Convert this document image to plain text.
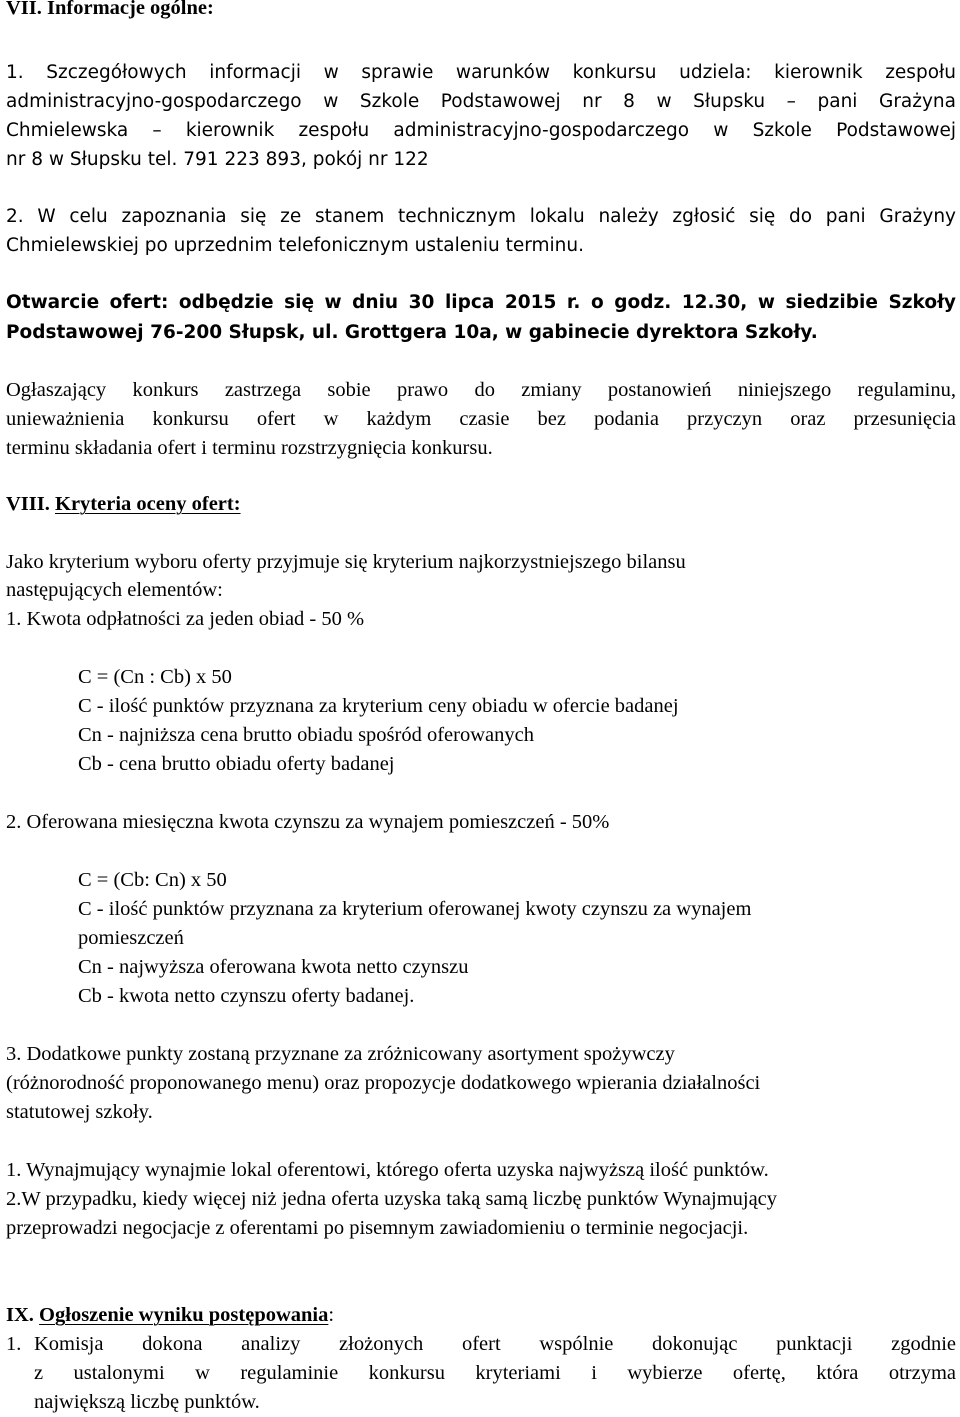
VII. Informacje ogólne:
1. Szczegółowych informacji w sprawie warunków konkursu udziela: kierownik zespołu
administracyjno-gospodarczego w Szkole Podstawowej nr 8 w Słupsku – pani Grażyna
Chmielewska – kierownik zespołu administracyjno-gospodarczego w Szkole Podstawowej
nr 8 w Słupsku tel. 791 223 893, pokój nr 122
2. W celu zapoznania się ze stanem technicznym lokalu należy zgłosić się do pani Grażyny
Chmielewskiej po uprzednim telefonicznym ustaleniu terminu.
Otwarcie ofert: odbędzie się w dniu 30 lipca 2015 r. o godz. 12.30, w siedzibie Szkoły
Podstawowej 76-200 Słupsk, ul. Grottgera 10a, w gabinecie dyrektora Szkoły.
Ogłaszający konkurs zastrzega sobie prawo do zmiany postanowień niniejszego regulaminu,
unieważnienia konkursu ofert w każdym czasie bez podania przyczyn oraz przesunięcia
terminu składania ofert i terminu rozstrzygnięcia konkursu.
VIII. Kryteria oceny ofert:
Jako kryterium wyboru oferty przyjmuje się kryterium najkorzystniejszego bilansu
następujących elementów:
1. Kwota odpłatności za jeden obiad - 50 %
C = (Cn : Cb) x 50
C - ilość punktów przyznana za kryterium ceny obiadu w ofercie badanej
Cn - najniższa cena brutto obiadu spośród oferowanych
Cb - cena brutto obiadu oferty badanej
2. Oferowana miesięczna kwota czynszu za wynajem pomieszczeń - 50%
C = (Cb: Cn) x 50
C - ilość punktów przyznana za kryterium oferowanej kwoty czynszu za wynajem
pomieszczeń
Cn - najwyższa oferowana kwota netto czynszu
Cb - kwota netto czynszu oferty badanej.
3. Dodatkowe punkty zostaną przyznane za zróżnicowany asortyment spożywczy
(różnorodność proponowanego menu) oraz propozycje dodatkowego wpierania działalności
statutowej szkoły.
1. Wynajmujący wynajmie lokal oferentowi, którego oferta uzyska najwyższą ilość punktów.
2.W przypadku, kiedy więcej niż jedna oferta uzyska taką samą liczbę punktów Wynajmujący
przeprowadzi negocjacje z oferentami po pisemnym zawiadomieniu o terminie negocjacji.
IX. Ogłoszenie wyniku postępowania:
1. Komisja dokona analizy złożonych ofert wspólnie dokonując punktacji zgodnie
z ustalonymi w regulaminie konkursu kryteriami i wybierze ofertę, która otrzyma
największą liczbę punktów.
